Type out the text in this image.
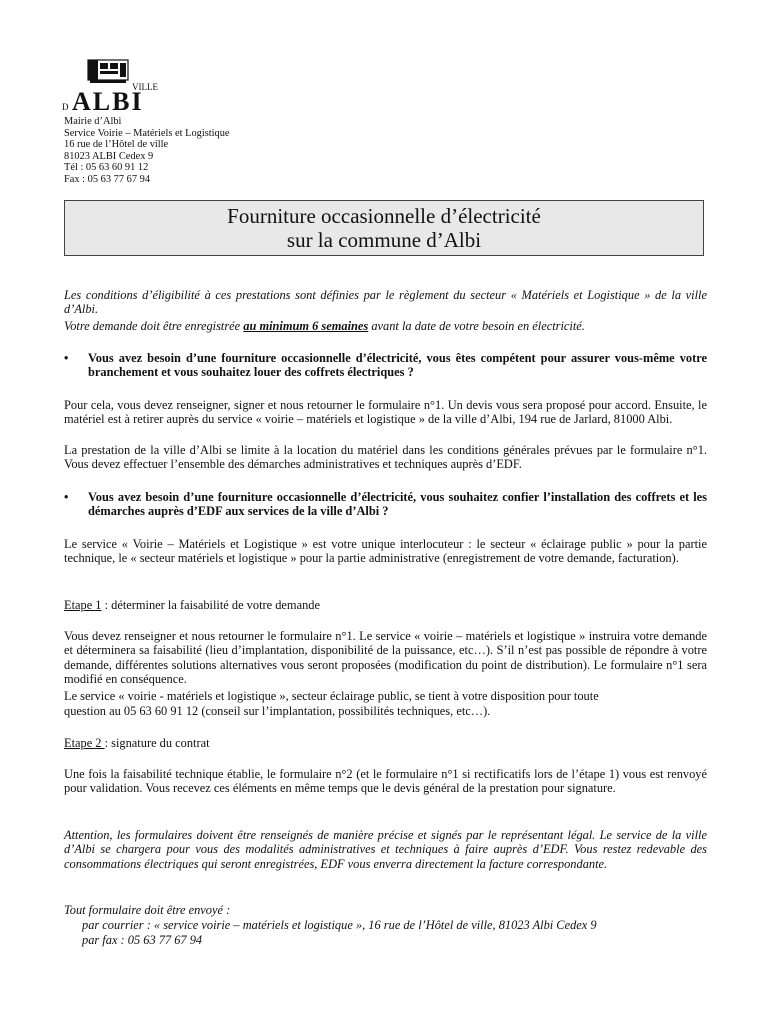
VILLE
D ALBI
Mairie d’Albi
Service Voirie – Matériels et Logistique
16 rue de l’Hôtel de ville
81023 ALBI Cedex 9
Tél : 05 63 60 91 12
Fax : 05 63 77 67 94
Fourniture occasionnelle d’électricité
sur la commune d’Albi
Les conditions d’éligibilité à ces prestations sont définies par le règlement du secteur « Matériels et Logistique » de la ville d’Albi.
Votre demande doit être enregistrée au minimum 6 semaines avant la date de votre besoin en électricité.
• Vous avez besoin d’une fourniture occasionnelle d’électricité, vous êtes compétent pour assurer vous-même votre branchement et vous souhaitez louer des coffrets électriques ?
Pour cela, vous devez renseigner, signer et nous retourner le formulaire n°1. Un devis vous sera proposé pour accord. Ensuite, le matériel est à retirer auprès du service « voirie – matériels et logistique » de la ville d’Albi, 194 rue de Jarlard, 81000 Albi.
La prestation de la ville d’Albi se limite à la location du matériel dans les conditions générales prévues par le formulaire n°1. Vous devez effectuer l’ensemble des démarches administratives et techniques auprès d’EDF.
• Vous avez besoin d’une fourniture occasionnelle d’électricité, vous souhaitez confier l’installation des coffrets et les démarches auprès d’EDF aux services de la ville d’Albi ?
Le service « Voirie – Matériels et Logistique » est votre unique interlocuteur : le secteur « éclairage public » pour la partie technique, le « secteur matériels et logistique » pour la partie administrative (enregistrement de votre demande, facturation).
Etape 1 : déterminer la faisabilité de votre demande
Vous devez renseigner et nous retourner le formulaire n°1. Le service « voirie – matériels et logistique » instruira votre demande et déterminera sa faisabilité (lieu d’implantation, disponibilité de la puissance, etc…). S’il n’est pas possible de répondre à votre demande, différentes solutions alternatives vous seront proposées (modification du point de distribution). Le formulaire n°1 sera modifié en conséquence.
Le service « voirie - matériels et logistique », secteur éclairage public, se tient à votre disposition pour toute
question au 05 63 60 91 12 (conseil sur l’implantation, possibilités techniques, etc…).
Etape 2 : signature du contrat
Une fois la faisabilité technique établie, le formulaire n°2 (et le formulaire n°1 si rectificatifs lors de l’étape 1) vous est renvoyé pour validation. Vous recevez ces éléments en même temps que le devis général de la prestation pour signature.
Attention, les formulaires doivent être renseignés de manière précise et signés par le représentant légal. Le service de la ville d’Albi se chargera pour vous des modalités administratives et techniques à faire auprès d’EDF. Vous restez redevable des consommations électriques qui seront enregistrées, EDF vous enverra directement la facture correspondante.
Tout formulaire doit être envoyé :
par courrier : « service voirie – matériels et logistique », 16 rue de l’Hôtel de ville, 81023 Albi Cedex 9
par fax : 05 63 77 67 94
